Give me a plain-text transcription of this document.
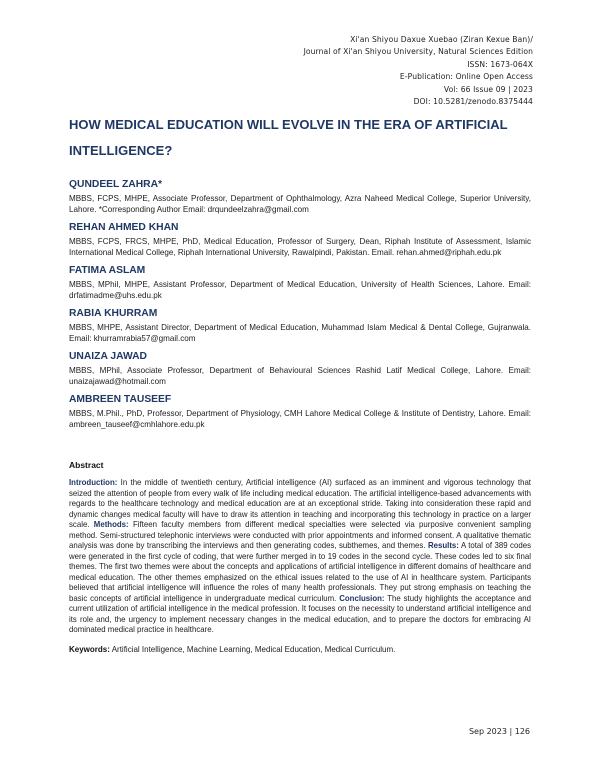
Xi'an Shiyou Daxue Xuebao (Ziran Kexue Ban)/
Journal of Xi'an Shiyou University, Natural Sciences Edition
ISSN: 1673-064X
E-Publication: Online Open Access
Vol: 66 Issue 09 | 2023
DOI: 10.5281/zenodo.8375444
HOW MEDICAL EDUCATION WILL EVOLVE IN THE ERA OF ARTIFICIAL
INTELLIGENCE?
QUNDEEL ZAHRA*
MBBS, FCPS, MHPE, Associate Professor, Department of Ophthalmology, Azra Naheed Medical College, Superior University, Lahore. *Corresponding Author Email: drqundeelzahra@gmail.com
REHAN AHMED KHAN
MBBS, FCPS, FRCS, MHPE, PhD, Medical Education, Professor of Surgery, Dean, Riphah Institute of Assessment, Islamic International Medical College, Riphah International University, Rawalpindi, Pakistan. Email. rehan.ahmed@riphah.edu.pk
FATIMA ASLAM
MBBS, MPhil, MHPE, Assistant Professor, Department of Medical Education, University of Health Sciences, Lahore. Email: drfatimadme@uhs.edu.pk
RABIA KHURRAM
MBBS, MHPE, Assistant Director, Department of Medical Education, Muhammad Islam Medical & Dental College, Gujranwala. Email: khurramrabia57@gmail.com
UNAIZA JAWAD
MBBS, MPhil, Associate Professor, Department of Behavioural Sciences Rashid Latif Medical College, Lahore. Email: unaizajawad@hotmail.com
AMBREEN TAUSEEF
MBBS, M.Phil., PhD, Professor, Department of Physiology, CMH Lahore Medical College & Institute of Dentistry, Lahore. Email: ambreen_tauseef@cmhlahore.edu.pk
Abstract
Introduction: In the middle of twentieth century, Artificial intelligence (AI) surfaced as an imminent and vigorous technology that seized the attention of people from every walk of life including medical education. The artificial intelligence-based advancements with regards to the healthcare technology and medical education are at an exceptional stride. Taking into consideration these rapid and dynamic changes medical faculty will have to draw its attention in teaching and incorporating this technology in practice on a larger scale. Methods: Fifteen faculty members from different medical specialties were selected via purposive convenient sampling method. Semi-structured telephonic interviews were conducted with prior appointments and informed consent. A qualitative thematic analysis was done by transcribing the interviews and then generating codes, subthemes, and themes. Results: A total of 389 codes were generated in the first cycle of coding, that were further merged in to 19 codes in the second cycle. These codes led to six final themes. The first two themes were about the concepts and applications of artificial intelligence in different domains of healthcare and medical education. The other themes emphasized on the ethical issues related to the use of AI in healthcare system. Participants believed that artificial intelligence will influence the roles of many health professionals. They put strong emphasis on teaching the basic concepts of artificial intelligence in undergraduate medical curriculum. Conclusion: The study highlights the acceptance and current utilization of artificial intelligence in the medical profession. It focuses on the necessity to understand artificial intelligence and its role and, the urgency to implement necessary changes in the medical education, and to prepare the doctors for embracing AI dominated medical practice in healthcare.
Keywords: Artificial Intelligence, Machine Learning, Medical Education, Medical Curriculum.
Sep 2023 | 126
